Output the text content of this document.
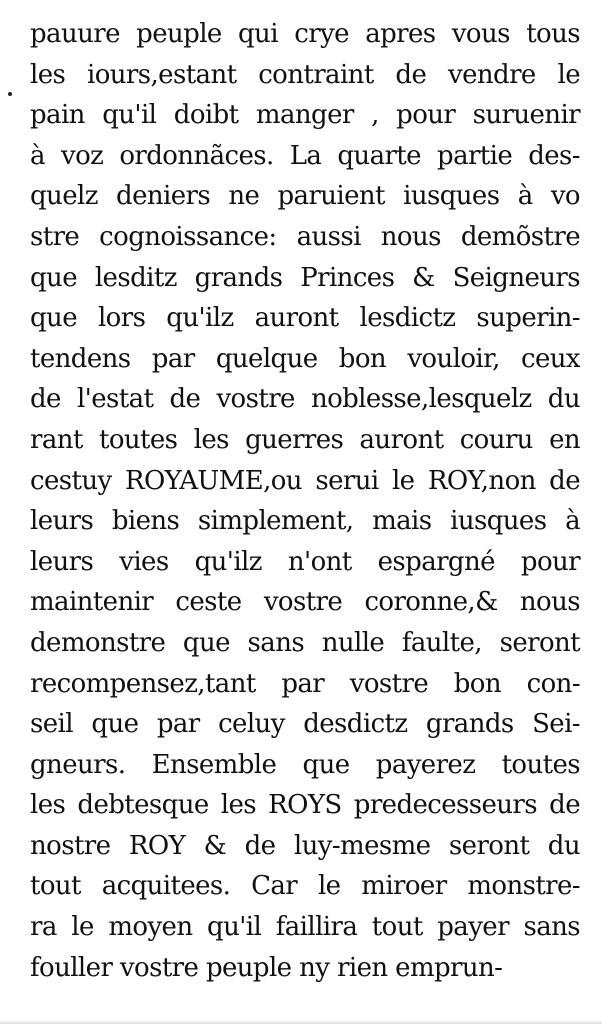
pauure peuple qui crye apres vous tous
les iours,estant contraint de vendre le
pain qu'il doibt manger , pour suruenir
à voz ordonnãces. La quarte partie des-
quelz deniers ne paruient iusques à vo
stre cognoissance: aussi nous demõstre
que lesditz grands Princes & Seigneurs
que lors qu'ilz auront lesdictz superin-
tendens par quelque bon vouloir, ceux
de l'estat de vostre noblesse,lesquelz du
rant toutes les guerres auront couru en
cestuy ROYAUME,ou serui le ROY,non de
leurs biens simplement, mais iusques à
leurs vies qu'ilz n'ont espargné pour
maintenir ceste vostre coronne,& nous
demonstre que sans nulle faulte, seront
recompensez,tant par vostre bon con-
seil que par celuy desdictz grands Sei-
gneurs. Ensemble que payerez toutes
les debtesque les ROYS predecesseurs de
nostre ROY & de luy-mesme seront du
tout acquitees. Car le miroer monstre-
ra le moyen qu'il faillira tout payer sans
fouller vostre peuple ny rien emprun-
